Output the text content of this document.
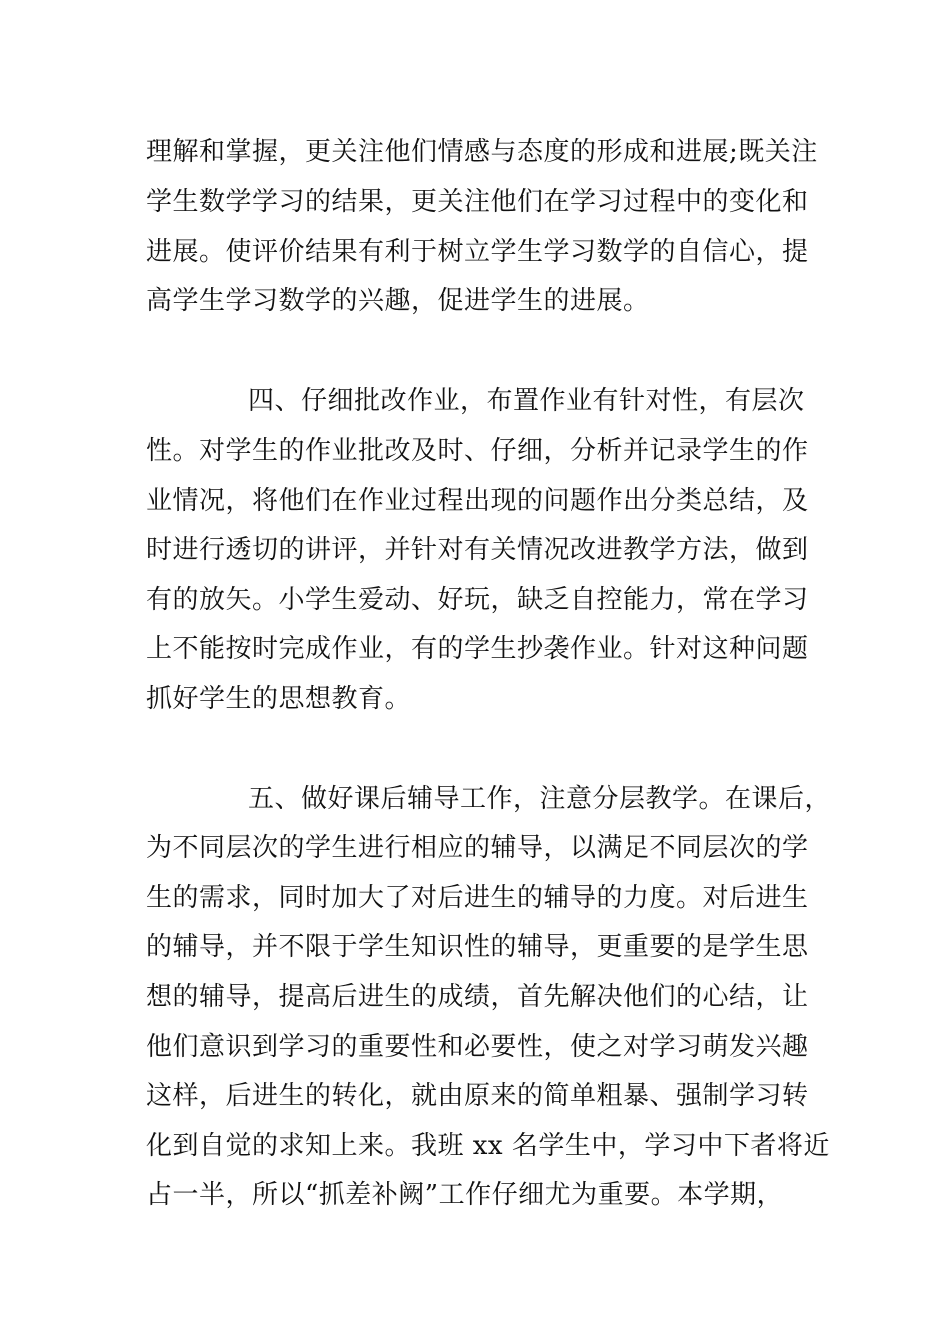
理解和掌握，更关注他们情感与态度的形成和进展;既关注
学生数学学习的结果，更关注他们在学习过程中的变化和
进展。使评价结果有利于树立学生学习数学的自信心，提
高学生学习数学的兴趣，促进学生的进展。
四、仔细批改作业，布置作业有针对性，有层次
性。对学生的作业批改及时、仔细，分析并记录学生的作
业情况，将他们在作业过程出现的问题作出分类总结，及
时进行透切的讲评，并针对有关情况改进教学方法，做到
有的放矢。小学生爱动、好玩，缺乏自控能力，常在学习
上不能按时完成作业，有的学生抄袭作业。针对这种问题
抓好学生的思想教育。
五、做好课后辅导工作，注意分层教学。在课后，
为不同层次的学生进行相应的辅导，以满足不同层次的学
生的需求，同时加大了对后进生的辅导的力度。对后进生
的辅导，并不限于学生知识性的辅导，更重要的是学生思
想的辅导，提高后进生的成绩，首先解决他们的心结，让
他们意识到学习的重要性和必要性，使之对学习萌发兴趣
这样，后进生的转化，就由原来的简单粗暴、强制学习转
化到自觉的求知上来。我班 xx 名学生中，学习中下者将近
占一半，所以“抓差补阙”工作仔细尤为重要。本学期，
